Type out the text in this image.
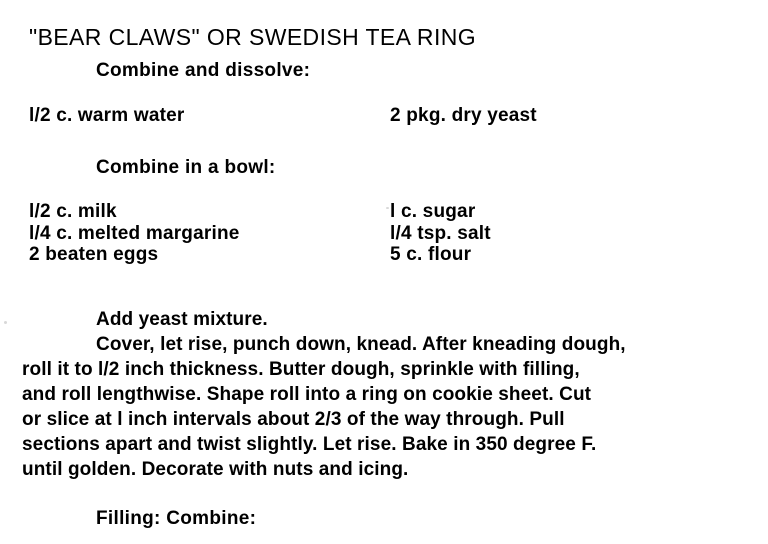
"BEAR CLAWS" OR SWEDISH TEA RING
Combine and dissolve:
l/2 c. warm water	2 pkg. dry yeast
Combine in a bowl:
l/2 c. milk
l/4 c. melted margarine
2 beaten eggs
l c. sugar
l/4 tsp. salt
5 c. flour
Add yeast mixture.
Cover, let rise, punch down, knead. After kneading dough,
roll it to l/2 inch thickness. Butter dough, sprinkle with filling,
and roll lengthwise. Shape roll into a ring on cookie sheet. Cut
or slice at l inch intervals about 2/3 of the way through. Pull
sections apart and twist slightly. Let rise. Bake in 350 degree F.
until golden. Decorate with nuts and icing.
Filling: Combine:
